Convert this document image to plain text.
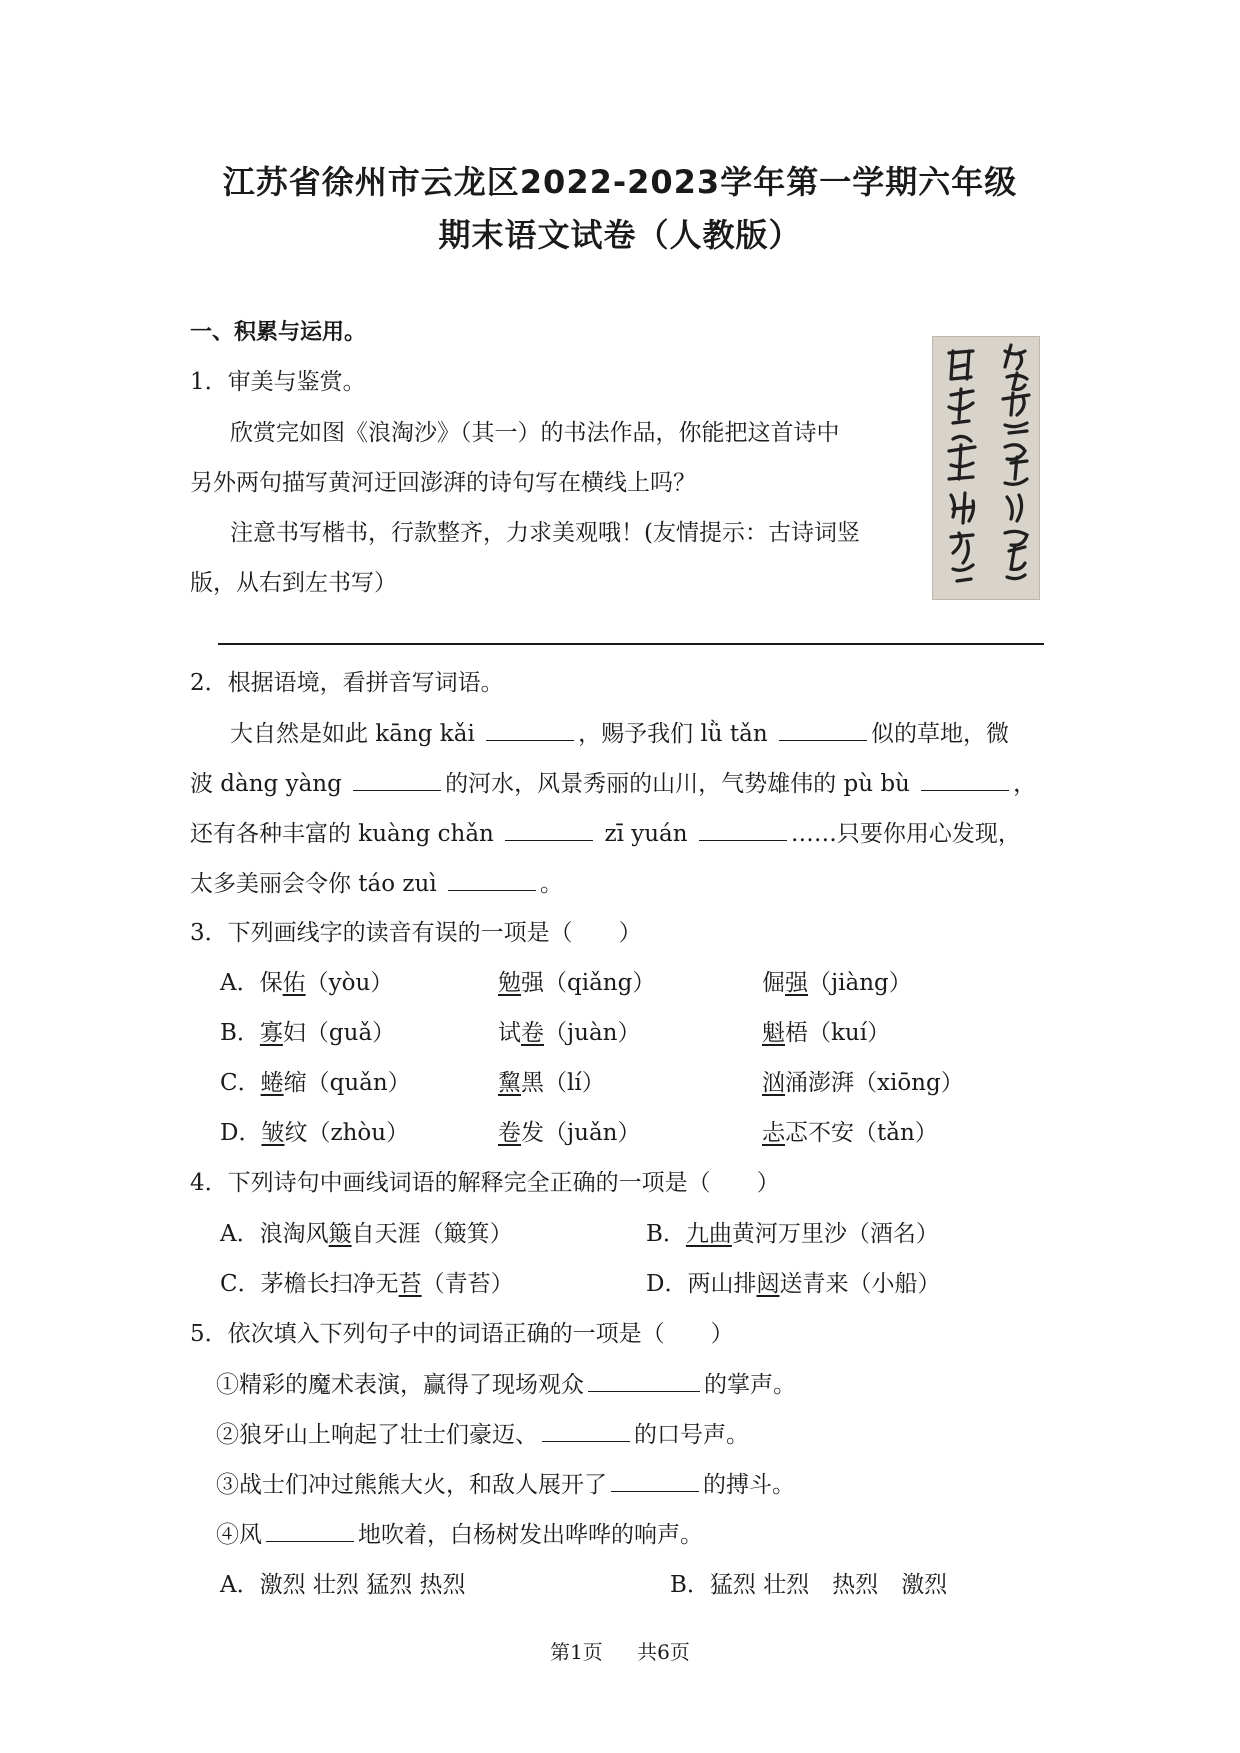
江苏省徐州市云龙区2022-2023学年第一学期六年级
期末语文试卷（人教版）
一、积累与运用。
1．审美与鉴赏。
欣赏完如图《浪淘沙》（其一）的书法作品，你能把这首诗中
另外两句描写黄河迂回澎湃的诗句写在横线上吗？
注意书写楷书，行款整齐，力求美观哦！(友情提示：古诗词竖
版，从右到左书写）
2．根据语境，看拼音写词语。
大自然是如此 kāng kǎi	，赐予我们 lǜ tǎn	似的草地，微
波 dàng yàng	的河水，风景秀丽的山川，气势雄伟的 pù bù	，
还有各种丰富的 kuàng chǎn	zī yuán	……只要你用心发现，
太多美丽会令你 táo zuì	。
3．下列画线字的读音有误的一项是（　　）
A．保佑（yòu）	勉强（qiǎng）	倔强（jiàng）
B．寡妇（guǎ）	试卷（juàn）	魁梧（kuí）
C．蜷缩（quǎn）	黧黑（lí）	汹涌澎湃（xiōng）
D．皱纹（zhòu）	卷发（juǎn）	忐忑不安（tǎn）
4．下列诗句中画线词语的解释完全正确的一项是（　　）
A．浪淘风簸自天涯（簸箕）	B．九曲黄河万里沙（酒名）
C．茅檐长扫净无苔（青苔）	D．两山排闼送青来（小船）
5．依次填入下列句子中的词语正确的一项是（　　）
①精彩的魔术表演，赢得了现场观众	的掌声。
②狼牙山上响起了壮士们豪迈、	的口号声。
③战士们冲过熊熊大火，和敌人展开了	的搏斗。
④风	地吹着，白杨树发出哗哗的响声。
A．激烈 壮烈 猛烈 热烈	B．猛烈 壮烈　热烈　激烈
第1页 共6页
